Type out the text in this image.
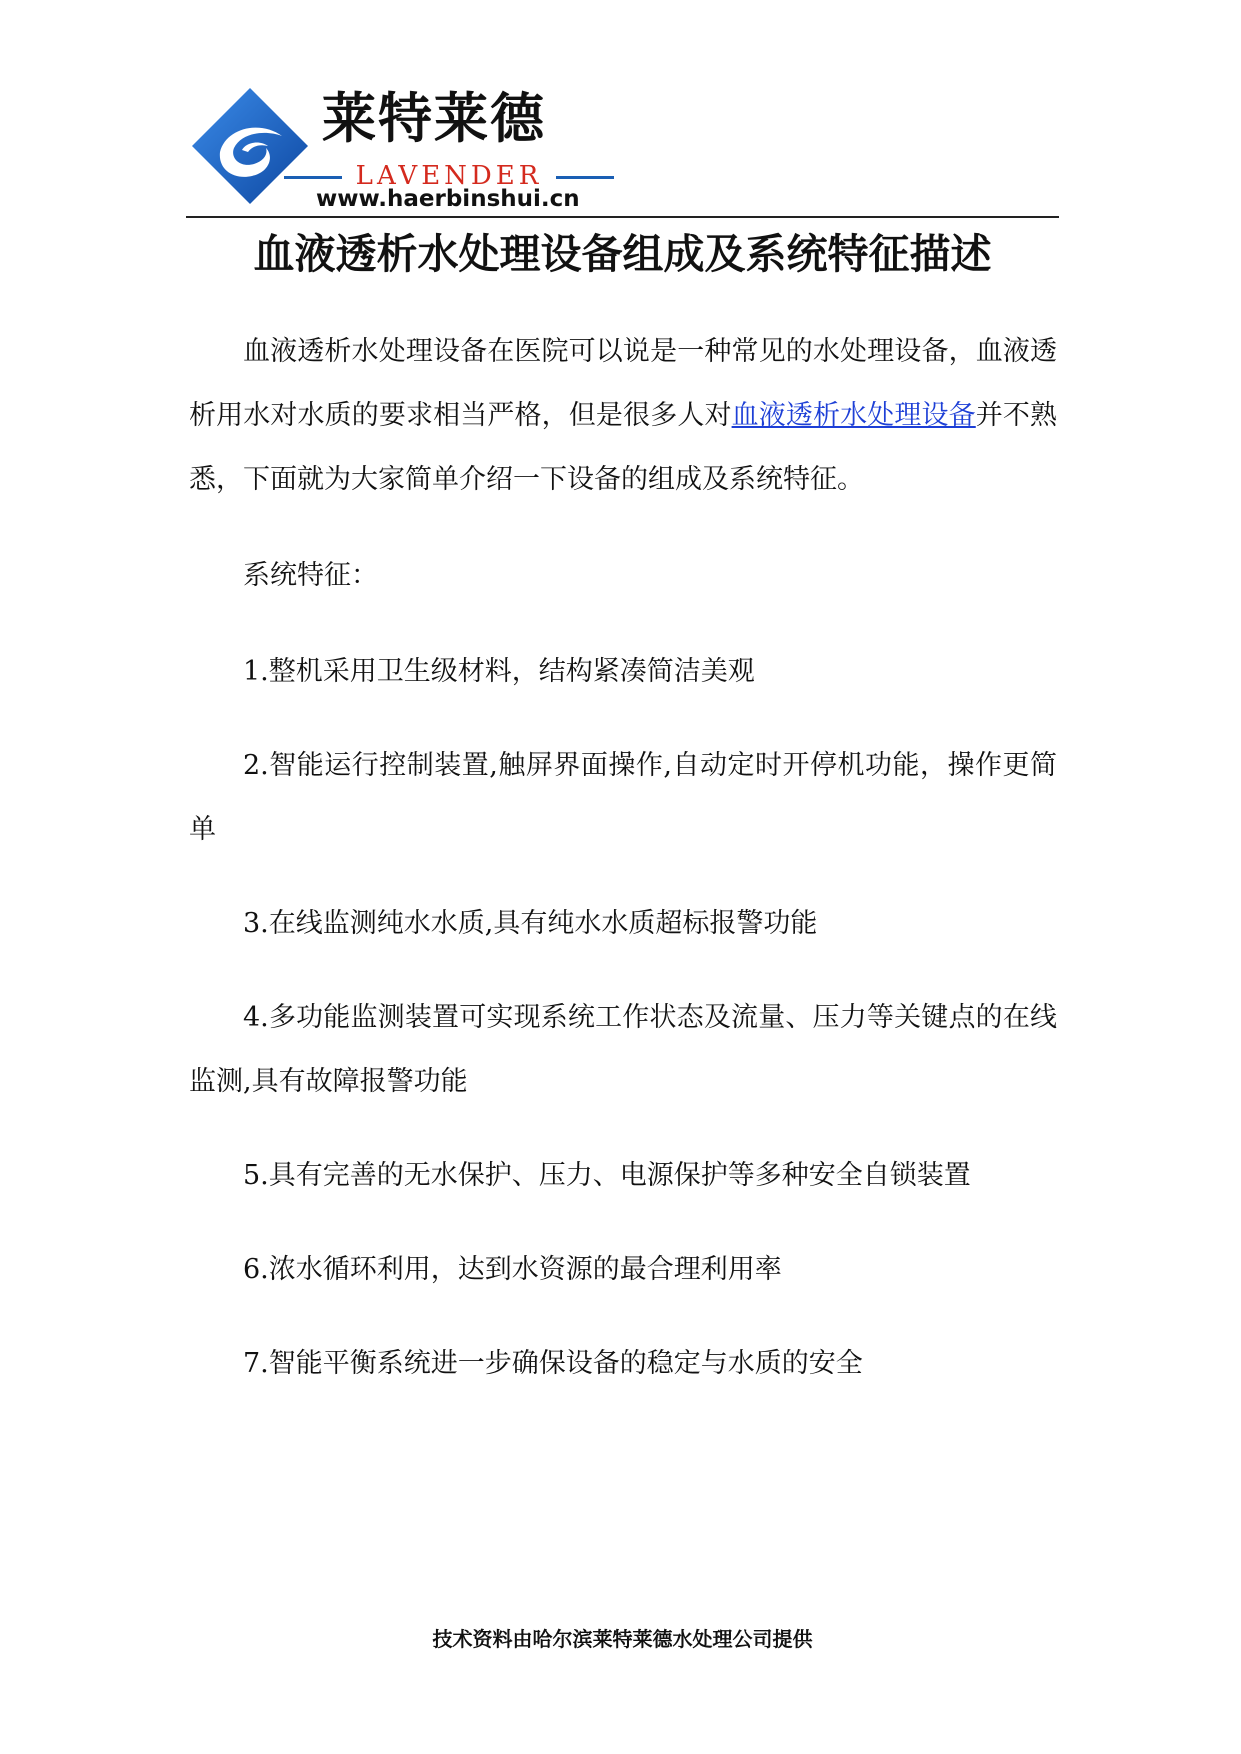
莱特莱德
LAVENDER
www.haerbinshui.cn
血液透析水处理设备组成及系统特征描述

血液透析水处理设备在医院可以说是一种常见的水处理设备，血液透析用水对水质的要求相当严格，但是很多人对血液透析水处理设备并不熟悉，下面就为大家简单介绍一下设备的组成及系统特征。

系统特征：

1.整机采用卫生级材料，结构紧凑简洁美观

2.智能运行控制装置,触屏界面操作,自动定时开停机功能，操作更简单

3.在线监测纯水水质,具有纯水水质超标报警功能

4.多功能监测装置可实现系统工作状态及流量、压力等关键点的在线监测,具有故障报警功能

5.具有完善的无水保护、压力、电源保护等多种安全自锁装置

6.浓水循环利用，达到水资源的最合理利用率

7.智能平衡系统进一步确保设备的稳定与水质的安全

技术资料由哈尔滨莱特莱德水处理公司提供
